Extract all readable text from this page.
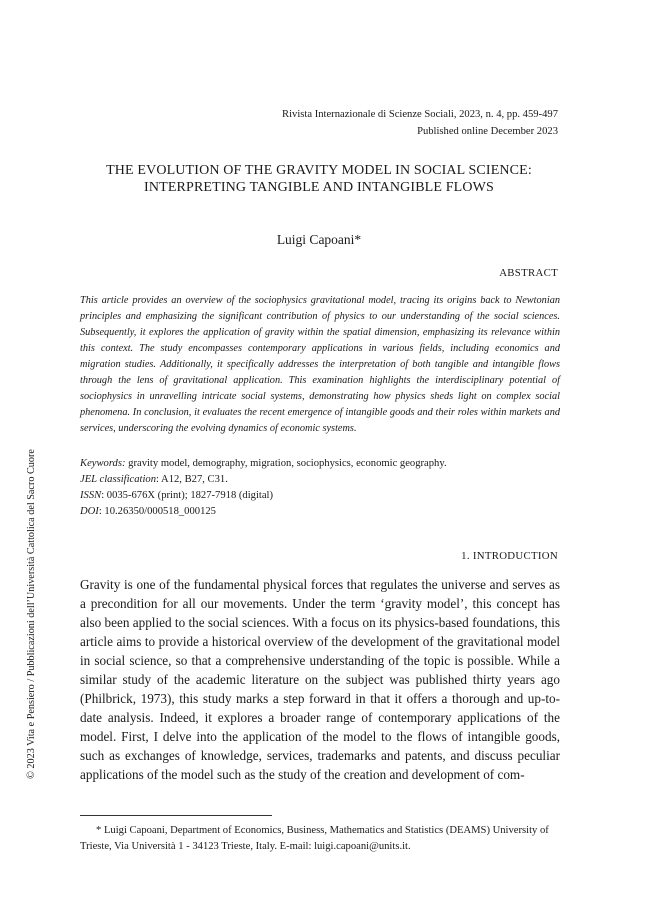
Rivista Internazionale di Scienze Sociali, 2023, n. 4, pp. 459-497
Published online December 2023
THE EVOLUTION OF THE GRAVITY MODEL IN SOCIAL SCIENCE:
INTERPRETING TANGIBLE AND INTANGIBLE FLOWS
Luigi Capoani*
ABSTRACT
This article provides an overview of the sociophysics gravitational model, tracing its origins back to Newtonian principles and emphasizing the significant contribution of physics to our understanding of the social sciences. Subsequently, it explores the application of gravity within the spatial dimension, emphasizing its relevance within this context. The study encompasses contemporary applications in various fields, including economics and migration studies. Additionally, it specifically addresses the interpretation of both tangible and intangible flows through the lens of gravitational application. This examination highlights the interdisciplinary potential of sociophysics in unravelling intricate social systems, demonstrating how physics sheds light on complex social phenomena. In conclusion, it evaluates the recent emergence of intangible goods and their roles within markets and services, underscoring the evolving dynamics of economic systems.
Keywords: gravity model, demography, migration, sociophysics, economic geography.
JEL classification: A12, B27, C31.
ISSN: 0035-676X (print); 1827-7918 (digital)
DOI: 10.26350/000518_000125
1. INTRODUCTION
Gravity is one of the fundamental physical forces that regulates the universe and serves as a precondition for all our movements. Under the term ‘gravity model’, this concept has also been applied to the social sciences. With a focus on its physics-based foundations, this article aims to provide a historical overview of the development of the gravitational model in social science, so that a comprehensive understanding of the topic is possible. While a similar study of the academic literature on the subject was published thirty years ago (Philbrick, 1973), this study marks a step forward in that it offers a thorough and up-to-date analysis. Indeed, it explores a broader range of contemporary applications of the model. First, I delve into the application of the model to the flows of intangible goods, such as exchanges of knowledge, services, trademarks and patents, and discuss peculiar applications of the model such as the study of the creation and development of com-
* Luigi Capoani, Department of Economics, Business, Mathematics and Statistics (DEAMS) University of Trieste, Via Università 1 - 34123 Trieste, Italy. E-mail: luigi.capoani@units.it.
© 2023 Vita e Pensiero / Pubblicazioni dell’Università Cattolica del Sacro Cuore
